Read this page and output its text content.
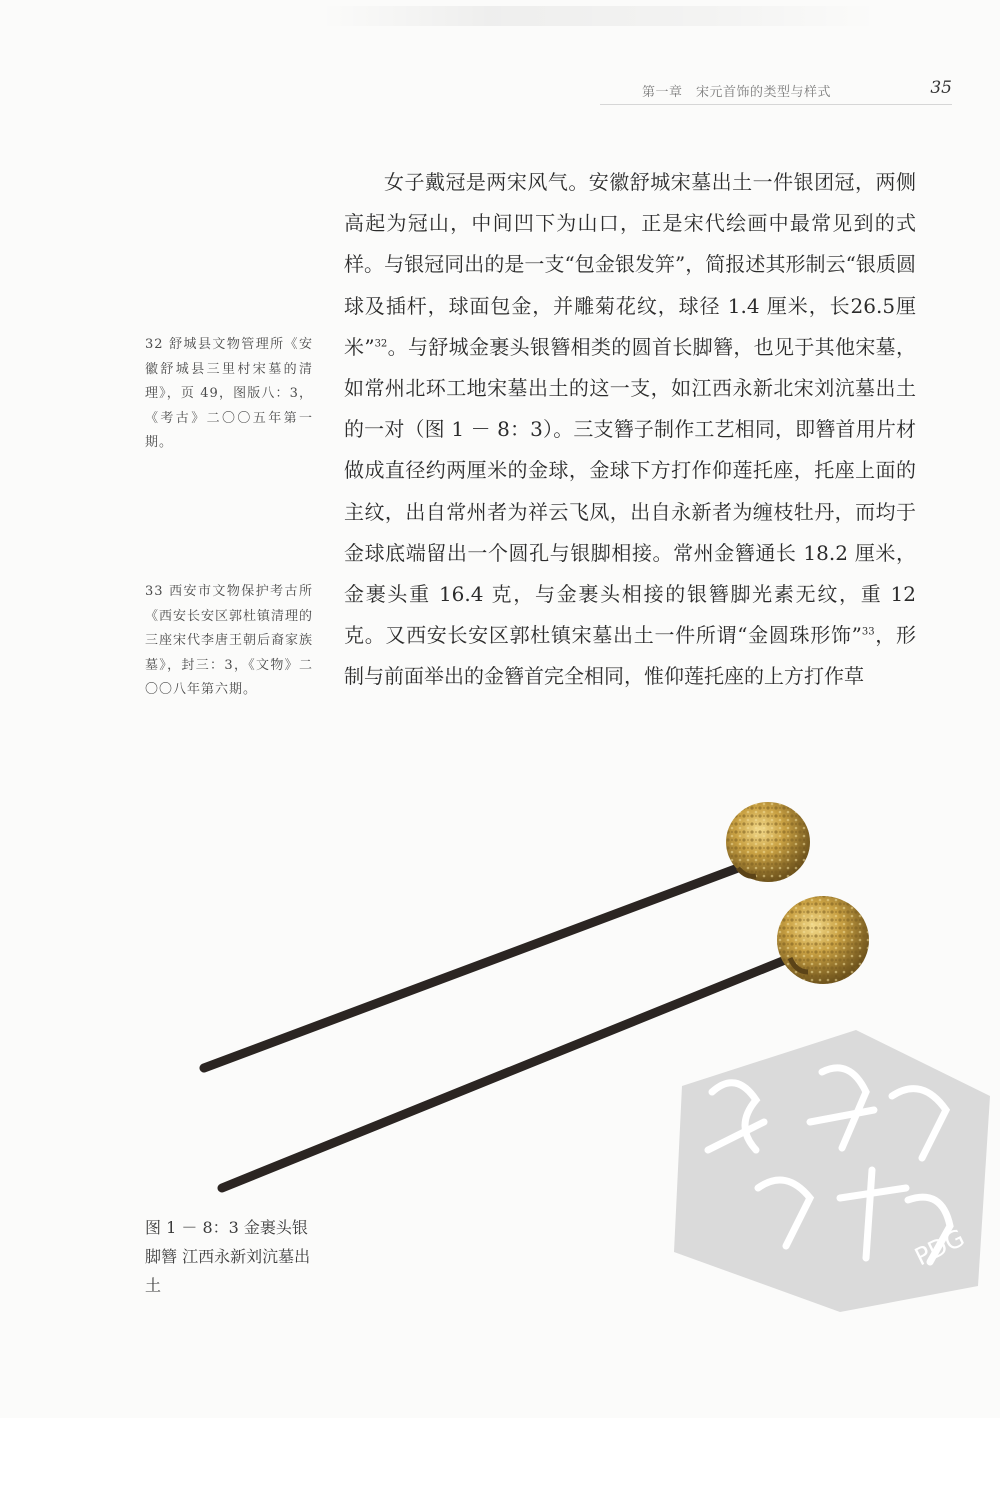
第一章　宋元首饰的类型与样式	35

女子戴冠是两宋风气。安徽舒城宋墓出土一件银团冠，两侧高起为冠山，中间凹下为山口，正是宋代绘画中最常见到的式样。与银冠同出的是一支“包金银发笄”，简报述其形制云“银质圆球及插杆，球面包金，并雕菊花纹，球径 1.4 厘米，长26.5厘米”$^{32}$。与舒城金裹头银簪相类的圆首长脚簪，也见于其他宋墓，如常州北环工地宋墓出土的这一支，如江西永新北宋刘沆墓出土的一对（图 1 － 8：3）。三支簪子制作工艺相同，即簪首用片材做成直径约两厘米的金球，金球下方打作仰莲托座，托座上面的主纹，出自常州者为祥云飞凤，出自永新者为缠枝牡丹，而均于金球底端留出一个圆孔与银脚相接。常州金簪通长 18.2 厘米，金裹头重 16.4 克，与金裹头相接的银簪脚光素无纹，重 12 克。又西安长安区郭杜镇宋墓出土一件所谓“金圆珠形饰”$^{33}$，形制与前面举出的金簪首完全相同，惟仰莲托座的上方打作草

32 舒城县文物管理所《安徽舒城县三里村宋墓的清理》，页 49，图版八：3，《考古》二〇〇五年第一期。
33 西安市文物保护考古所《西安长安区郭杜镇清理的三座宋代李唐王朝后裔家族墓》，封三：3，《文物》二〇〇八年第六期。
图 1 － 8：3 金裹头银脚簪 江西永新刘沆墓出土
PDG
